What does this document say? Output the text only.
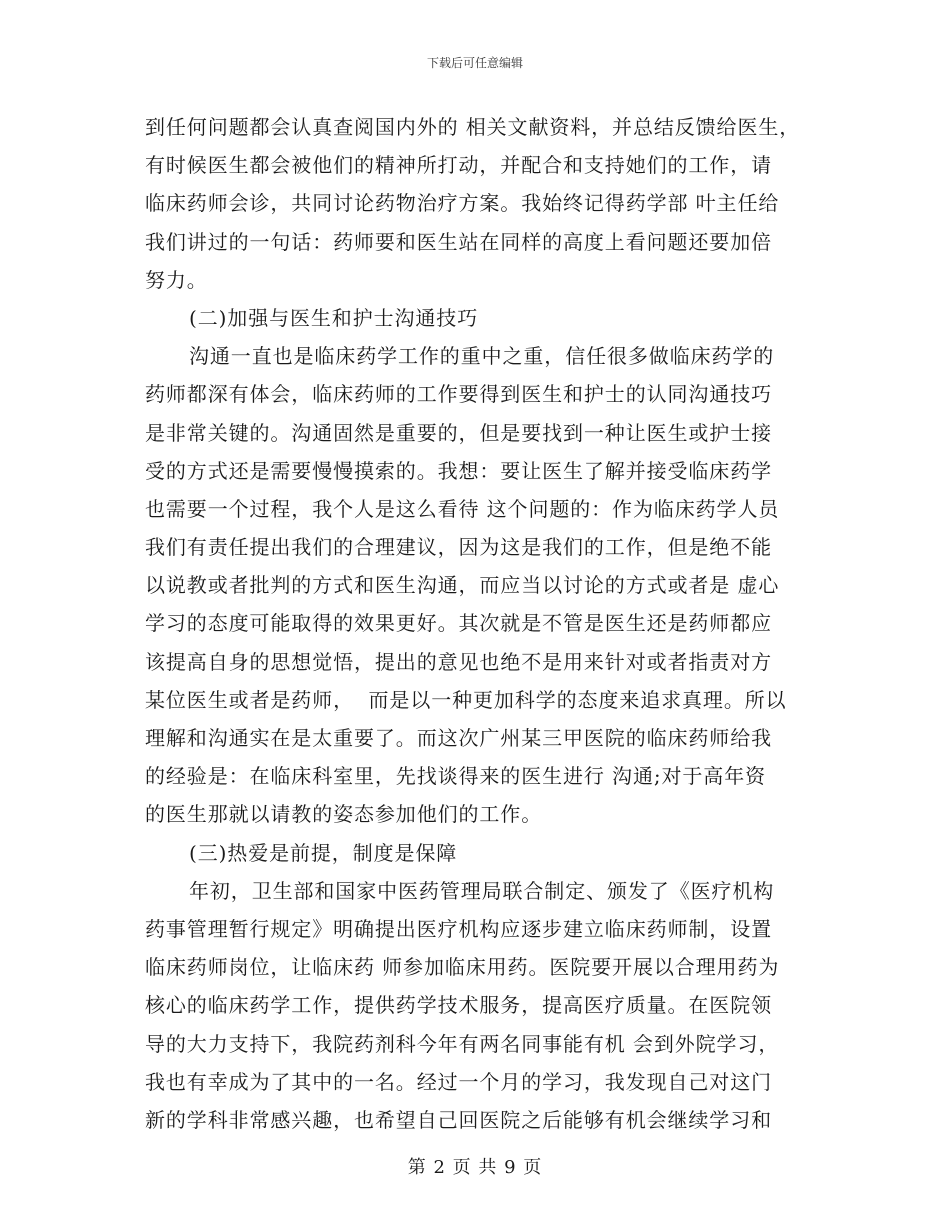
下载后可任意编辑
到任何问题都会认真查阅国内外的 相关文献资料，并总结反馈给医生，
有时候医生都会被他们的精神所打动，并配合和支持她们的工作，请
临床药师会诊，共同讨论药物治疗方案。我始终记得药学部 叶主任给
我们讲过的一句话：药师要和医生站在同样的高度上看问题还要加倍
努力。
(二)加强与医生和护士沟通技巧
沟通一直也是临床药学工作的重中之重，信任很多做临床药学的
药师都深有体会，临床药师的工作要得到医生和护士的认同沟通技巧
是非常关键的。沟通固然是重要的，但是要找到一种让医生或护士接
受的方式还是需要慢慢摸索的。我想：要让医生了解并接受临床药学
也需要一个过程，我个人是这么看待 这个问题的：作为临床药学人员
我们有责任提出我们的合理建议，因为这是我们的工作，但是绝不能
以说教或者批判的方式和医生沟通，而应当以讨论的方式或者是 虚心
学习的态度可能取得的效果更好。其次就是不管是医生还是药师都应
该提高自身的思想觉悟，提出的意见也绝不是用来针对或者指责对方
某位医生或者是药师，  而是以一种更加科学的态度来追求真理。所以
理解和沟通实在是太重要了。而这次广州某三甲医院的临床药师给我
的经验是：在临床科室里，先找谈得来的医生进行 沟通;对于高年资
的医生那就以请教的姿态参加他们的工作。
(三)热爱是前提，制度是保障
年初，卫生部和国家中医药管理局联合制定、颁发了《医疗机构
药事管理暂行规定》明确提出医疗机构应逐步建立临床药师制，设置
临床药师岗位，让临床药 师参加临床用药。医院要开展以合理用药为
核心的临床药学工作，提供药学技术服务，提高医疗质量。在医院领
导的大力支持下，我院药剂科今年有两名同事能有机 会到外院学习，
我也有幸成为了其中的一名。经过一个月的学习，我发现自己对这门
新的学科非常感兴趣，也希望自己回医院之后能够有机会继续学习和
第 2 页 共 9 页
